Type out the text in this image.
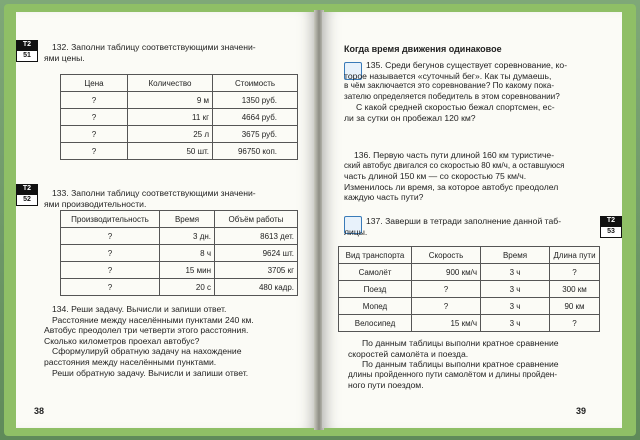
Т2
51

132. Заполни таблицу соответствующими значени-

ями цены.

Цена	Количество	Стоимость
?	9 м	1350 руб.
?	11 кг	4664 руб.
?	25 л	3675 руб.
?	50 шт.	96750 коп.
Т2
52

133. Заполни таблицу соответствующими значени-

ями производительности.

Производительность	Время	Объём работы
?	3 дн.	8613 дет.
?	8 ч	9624 шт.
?	15 мин	3705 кг
?	20 с	480 кадр.

134. Реши задачу. Вычисли и запиши ответ.

Расстояние между населёнными пунктами 240 км.

Автобус преодолел три четверти этого расстояния.

Сколько километров проехал автобус?

Сформулируй обратную задачу на нахождение

расстояния между населёнными пунктами.

Реши обратную задачу. Вычисли и запиши ответ.

38
Когда время движения одинаковое

135. Среди бегунов существует соревнование, ко-

торое называется «суточный бег». Как ты думаешь,

в чём заключается это соревнование? По какому пока-

зателю определяется победитель в этом соревновании?

С какой средней скоростью бежал спортсмен, ес-

ли за сутки он пробежал 120 км?

136. Первую часть пути длиной 160 км туристиче-

ский автобус двигался со скоростью 80 км/ч, а оставшуюся

часть длиной 150 км — со скоростью 75 км/ч.

Изменилось ли время, за которое автобус преодолел

каждую часть пути?

137. Заверши в тетради заполнение данной таб-

лицы.

Т2
53
Вид транспорта	Скорость	Время	Длина пути
Самолёт	900 км/ч	3 ч	?
Поезд	?	3 ч	300 км
Мопед	?	3 ч	90 км
Велосипед	15 км/ч	3 ч	?

По данным таблицы выполни кратное сравнение

скоростей самолёта и поезда.

По данным таблицы выполни кратное сравнение

длины пройденного пути самолётом и длины пройден-

ного пути поездом.

39
